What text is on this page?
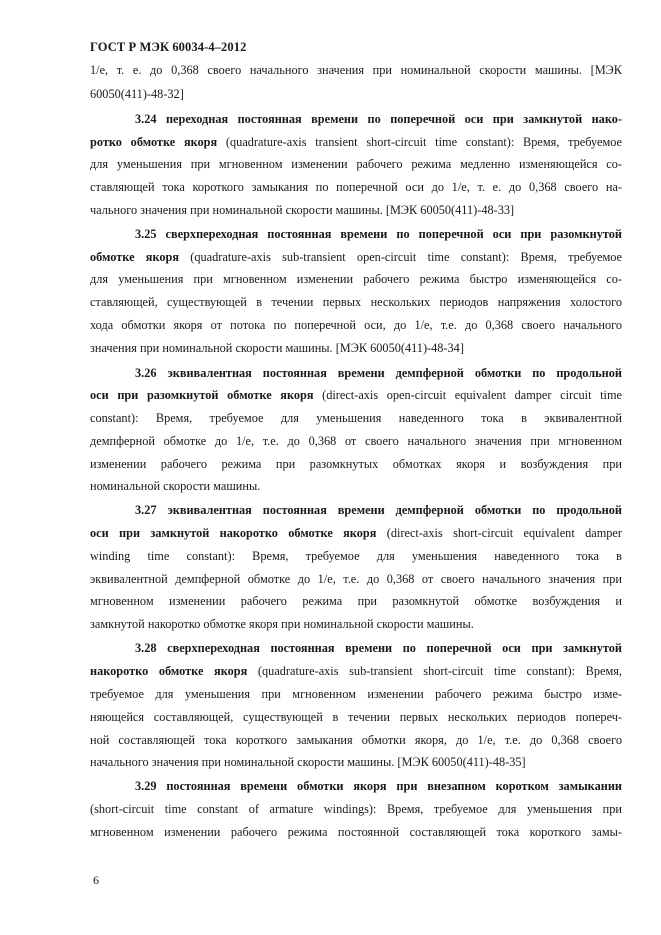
ГОСТ Р МЭК 60034-4–2012
1/е, т. е. до 0,368 своего начального значения при номинальной скорости машины. [МЭК
60050(411)-48-32]
3.24 переходная постоянная времени по поперечной оси при замкнутой нако-
ротко обмотке якоря (quadrature-axis transient short-circuit time constant): Время, требуемое
для уменьшения при мгновенном изменении рабочего режима медленно изменяющейся со-
ставляющей тока короткого замыкания по поперечной оси до 1/е, т. е. до 0,368 своего на-
чального значения при номинальной скорости машины. [МЭК 60050(411)-48-33]
3.25 сверхпереходная постоянная времени по поперечной оси при разомкнутой
обмотке якоря (quadrature-axis sub-transient open-circuit time constant): Время, требуемое
для уменьшения при мгновенном изменении рабочего режима быстро изменяющейся со-
ставляющей, существующей в течении первых нескольких периодов напряжения холостого
хода обмотки якоря от потока по поперечной оси, до 1/е, т.е. до 0,368 своего начального
значения при номинальной скорости машины. [МЭК 60050(411)-48-34]
3.26 эквивалентная постоянная времени демпферной обмотки по продольной
оси при разомкнутой обмотке якоря (direct-axis open-circuit equivalent damper circuit time
constant): Время, требуемое для уменьшения наведенного тока в эквивалентной
демпферной обмотке до 1/е, т.е. до 0,368 от своего начального значения при мгновенном
изменении рабочего режима при разомкнутых обмотках якоря и возбуждения при
номинальной скорости машины.
3.27 эквивалентная постоянная времени демпферной обмотки по продольной
оси при замкнутой накоротко обмотке якоря (direct-axis short-circuit equivalent damper
winding time constant): Время, требуемое для уменьшения наведенного тока в
эквивалентной демпферной обмотке до 1/е, т.е. до 0,368 от своего начального значения при
мгновенном изменении рабочего режима при разомкнутой обмотке возбуждения и
замкнутой накоротко обмотке якоря при номинальной скорости машины.
3.28 сверхпереходная постоянная времени по поперечной оси при замкнутой
накоротко обмотке якоря (quadrature-axis sub-transient short-circuit time constant): Время,
требуемое для уменьшения при мгновенном изменении рабочего режима быстро изме-
няющейся составляющей, существующей в течении первых нескольких периодов попереч-
ной составляющей тока короткого замыкания обмотки якоря, до 1/е, т.е. до 0,368 своего
начального значения при номинальной скорости машины. [МЭК 60050(411)-48-35]
3.29 постоянная времени обмотки якоря при внезапном коротком замыкании
(short-circuit time constant of armature windings): Время, требуемое для уменьшения при
мгновенном изменении рабочего режима постоянной составляющей тока короткого замы-
6
